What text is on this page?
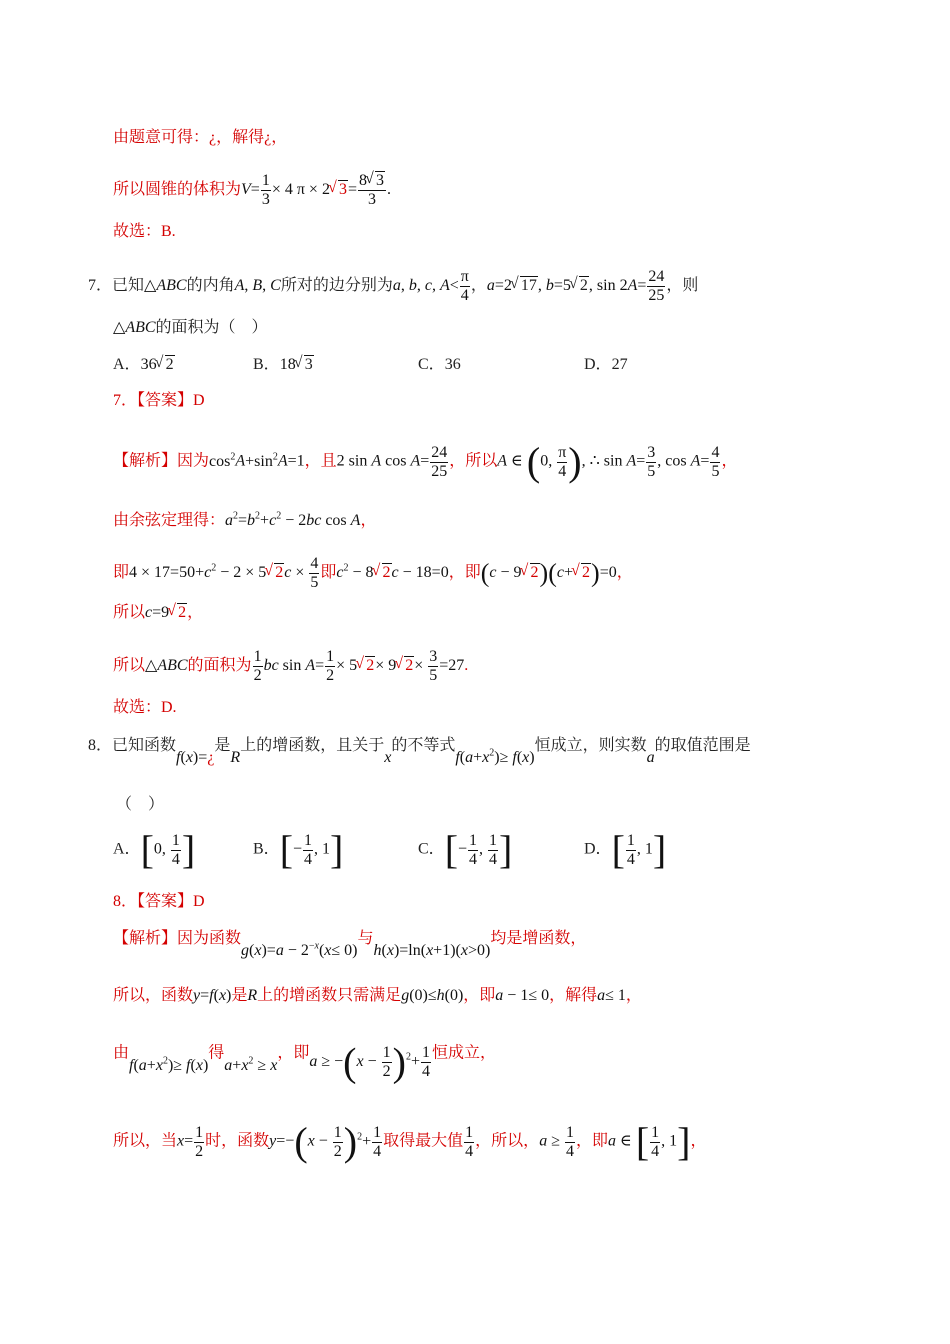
由题意可得：¿，解得¿，
所以圆锥的体积为$V= \frac{1}{3} \times 4$ π × 2√ $3= \frac{8√ 3}{3}$ .
故选：B.
7．已知△ABC的内角A, B, C所对的边分别为a, b, c, $A< \frac{\pi}{4}$ ，a=2√ 17, b=5√ 2, $\sin 2A= \frac{24}{25}$ ，则
△ABC的面积为（　）
A．36√ 2	B．18√ 3	C．36	D．27
7．【答案】D
【解析】因为$\cos^2A+\sin^2A=1$，且2 sin A $\cos A= \frac{24}{25}$ ，所以A ∈ (0, $\frac{\pi}{4}$ ), ∴ $\sin A= \frac{3}{5}$ , $\cos A= \frac{4}{5}$ ，
由余弦定理得：$a^2=b^2+c^2 - 2bc$ cos A，
即$4 \times 17=50+c^2 - 2 \times 5√$ $2c \times \frac{4}{5}$ 即$c^2 - 8√$ 2c − 18=0，即(c − 9√ 2)(c+√ 2)=0，
所以c=9√ 2，
所以△ABC的面积为 $\frac{1}{2}$ bc $\sin A= \frac{1}{2} \times 5√$ 2× 9√ $2\times \frac{3}{5} =27$.
故选：D.
8．已知函数f(x)=¿是R上的增函数，且关于x的不等式$f(a+x^2)\ge f(x)$恒成立，则实数a的取值范围是
（　）
A．[0, $\frac{1}{4}$ ]	B．[− $\frac{1}{4}$ , 1]	C．[− $\frac{1}{4}$ , $\frac{1}{4}$ ]	D．[ $\frac{1}{4}$ , 1]
8．【答案】D
【解析】因为函数$g(x)=a - 2^{-x}(x\le 0)$与h(x)=ln(x+1)(x>0)均是增函数，
所以，函数y=f(x)是R上的增函数只需满足g(0)≤h(0)，即a − 1≤ 0，解得a≤ 1，
由$f(a+x^2)\ge f(x)$得$a+x^2 \ge x$，即$a \ge -(x - \frac{1}{2} )^2+ \frac{1}{4}$ 恒成立，
所以，当$x= \frac{1}{2}$ 时，函数$y=-(x - \frac{1}{2} )^2+ \frac{1}{4}$ 取得最大值 $\frac{1}{4}$ ，所以，$a \ge \frac{1}{4}$ ，即a ∈ [ $\frac{1}{4}$ , 1]，
